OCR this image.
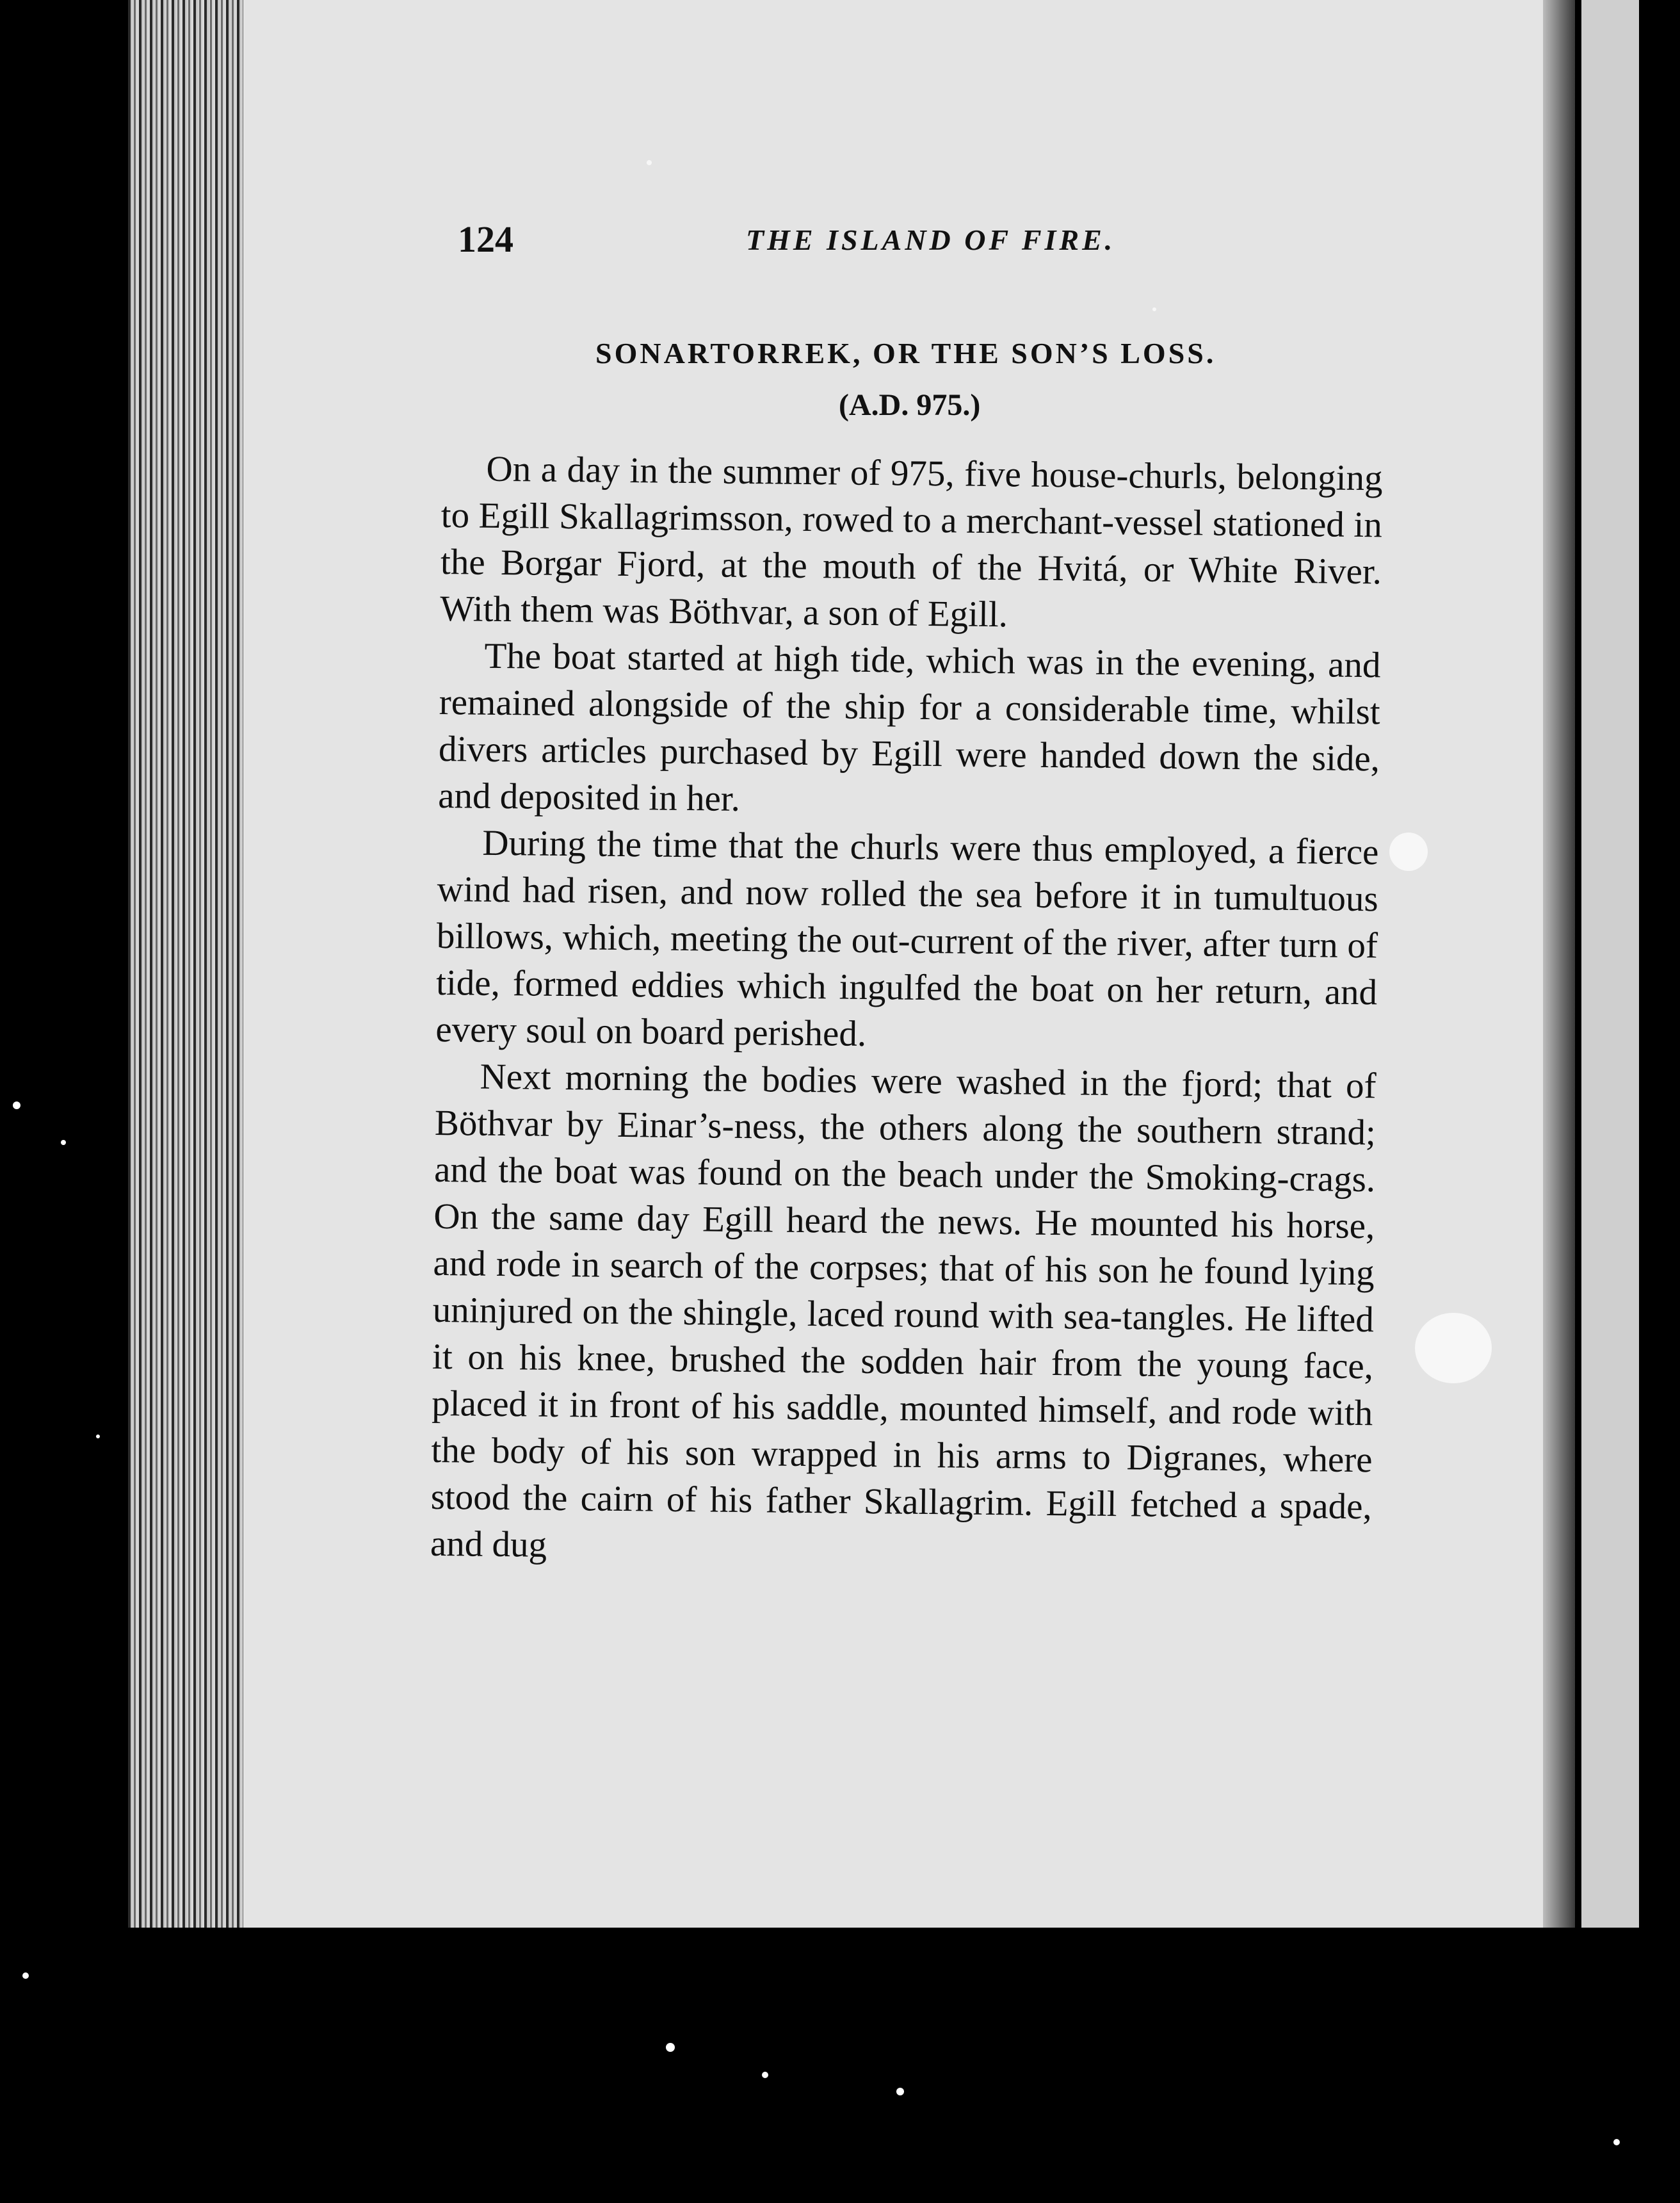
124	THE ISLAND OF FIRE.
SONARTORREK, OR THE SON’S LOSS.
(A.D. 975.)

On a day in the summer of 975, five house-churls, belonging to Egill Skallagrimsson, rowed to a merchant-vessel stationed in the Borgar Fjord, at the mouth of the Hvitá, or White River. With them was Böthvar, a son of Egill.

The boat started at high tide, which was in the evening, and remained alongside of the ship for a considerable time, whilst divers articles purchased by Egill were handed down the side, and deposited in her.

During the time that the churls were thus employed, a fierce wind had risen, and now rolled the sea before it in tumultuous billows, which, meeting the out-current of the river, after turn of tide, formed eddies which ingulfed the boat on her return, and every soul on board perished.

Next morning the bodies were washed in the fjord; that of Böthvar by Einar’s-ness, the others along the southern strand; and the boat was found on the beach under the Smoking-crags. On the same day Egill heard the news. He mounted his horse, and rode in search of the corpses; that of his son he found lying uninjured on the shingle, laced round with sea-tangles. He lifted it on his knee, brushed the sodden hair from the young face, placed it in front of his saddle, mounted himself, and rode with the body of his son wrapped in his arms to Digranes, where stood the cairn of his father Skallagrim. Egill fetched a spade, and dug
